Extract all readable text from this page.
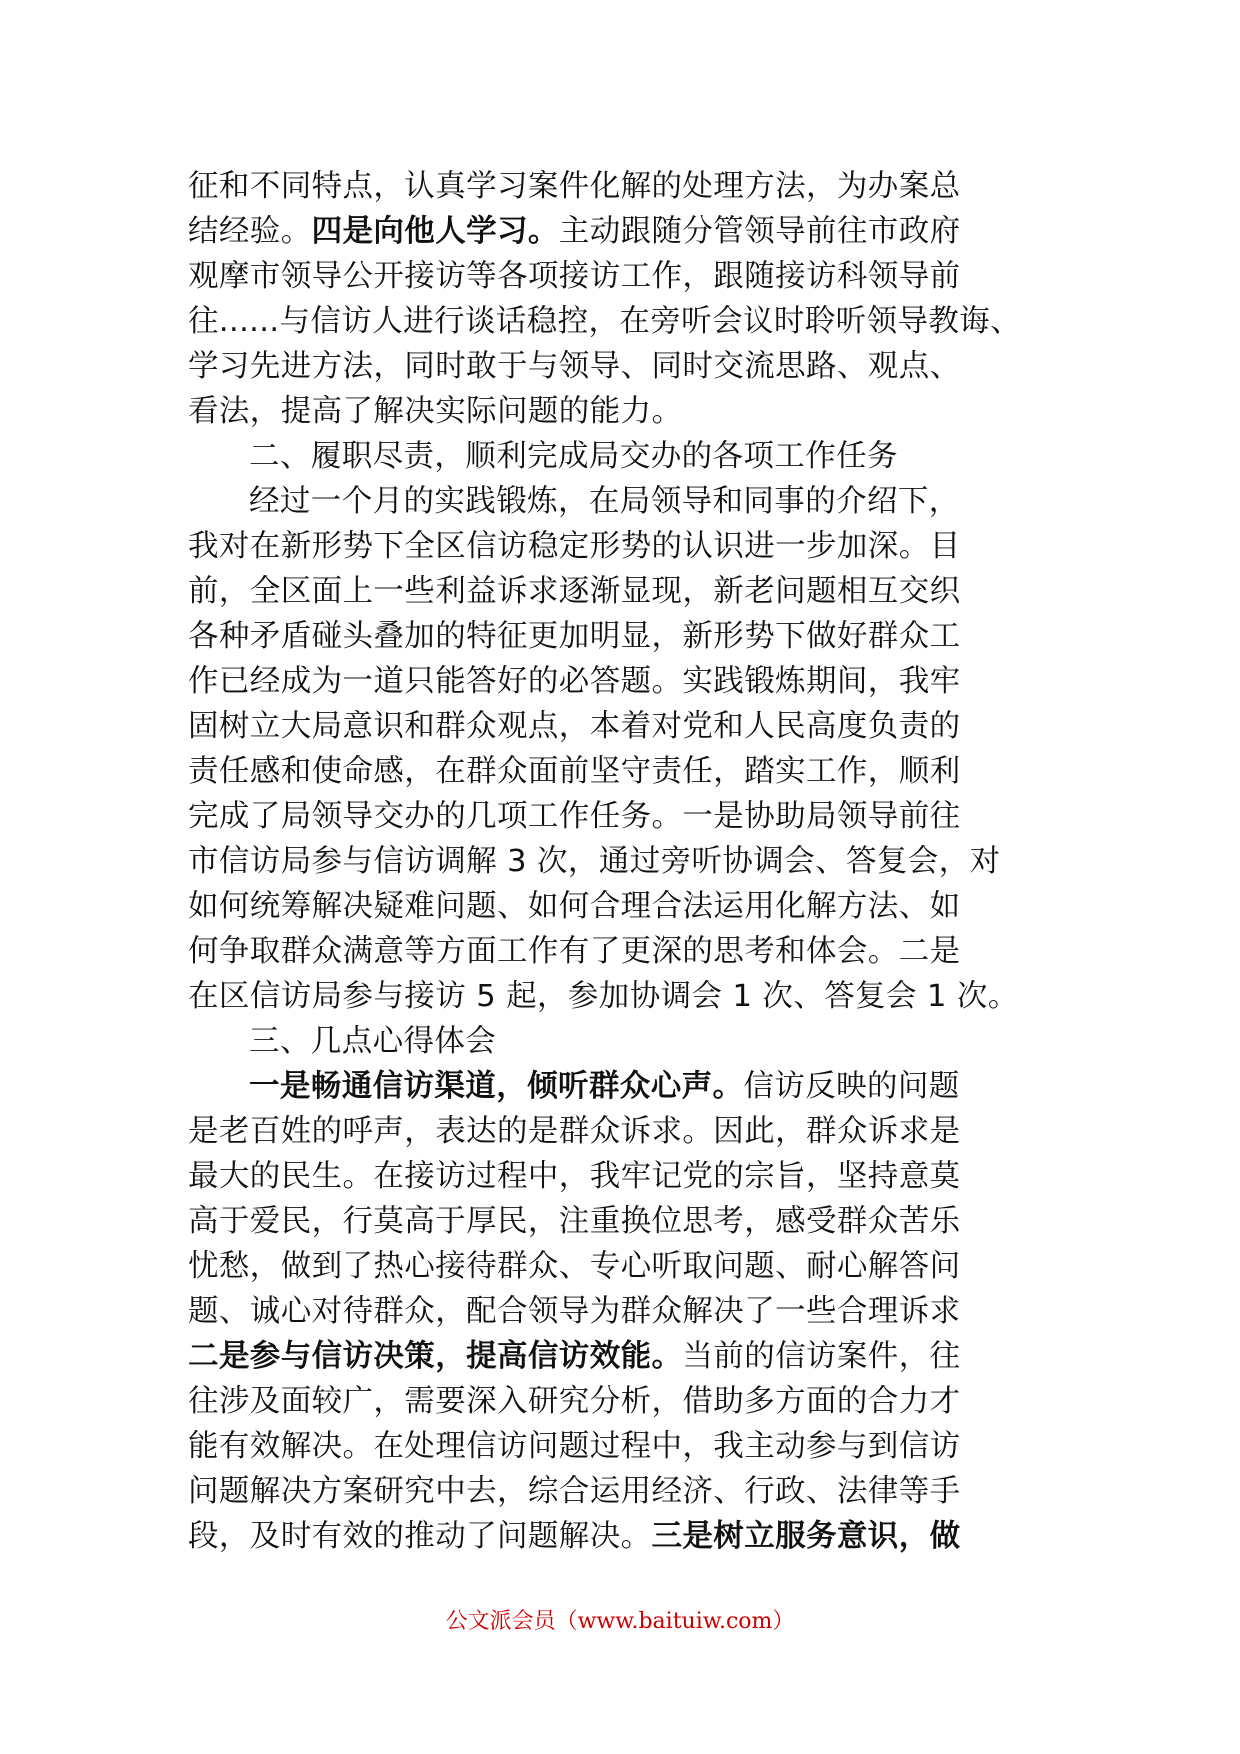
征和不同特点，认真学习案件化解的处理方法，为办案总
结经验。四是向他人学习。主动跟随分管领导前往市政府
观摩市领导公开接访等各项接访工作，跟随接访科领导前
往......与信访人进行谈话稳控，在旁听会议时聆听领导教诲、
学习先进方法，同时敢于与领导、同时交流思路、观点、
看法，提高了解决实际问题的能力。
二、履职尽责，顺利完成局交办的各项工作任务
经过一个月的实践锻炼，在局领导和同事的介绍下，
我对在新形势下全区信访稳定形势的认识进一步加深。目
前，全区面上一些利益诉求逐渐显现，新老问题相互交织
各种矛盾碰头叠加的特征更加明显，新形势下做好群众工
作已经成为一道只能答好的必答题。实践锻炼期间，我牢
固树立大局意识和群众观点，本着对党和人民高度负责的
责任感和使命感，在群众面前坚守责任，踏实工作，顺利
完成了局领导交办的几项工作任务。一是协助局领导前往
市信访局参与信访调解 3 次，通过旁听协调会、答复会，对
如何统筹解决疑难问题、如何合理合法运用化解方法、如
何争取群众满意等方面工作有了更深的思考和体会。二是
在区信访局参与接访 5 起，参加协调会 1 次、答复会 1 次。
三、几点心得体会
一是畅通信访渠道，倾听群众心声。信访反映的问题
是老百姓的呼声，表达的是群众诉求。因此，群众诉求是
最大的民生。在接访过程中，我牢记党的宗旨，坚持意莫
高于爱民，行莫高于厚民，注重换位思考，感受群众苦乐
忧愁，做到了热心接待群众、专心听取问题、耐心解答问
题、诚心对待群众，配合领导为群众解决了一些合理诉求
二是参与信访决策，提高信访效能。当前的信访案件，往
往涉及面较广，需要深入研究分析，借助多方面的合力才
能有效解决。在处理信访问题过程中，我主动参与到信访
问题解决方案研究中去，综合运用经济、行政、法律等手
段，及时有效的推动了问题解决。三是树立服务意识，做
公文派会员（www.baituiw.com）
